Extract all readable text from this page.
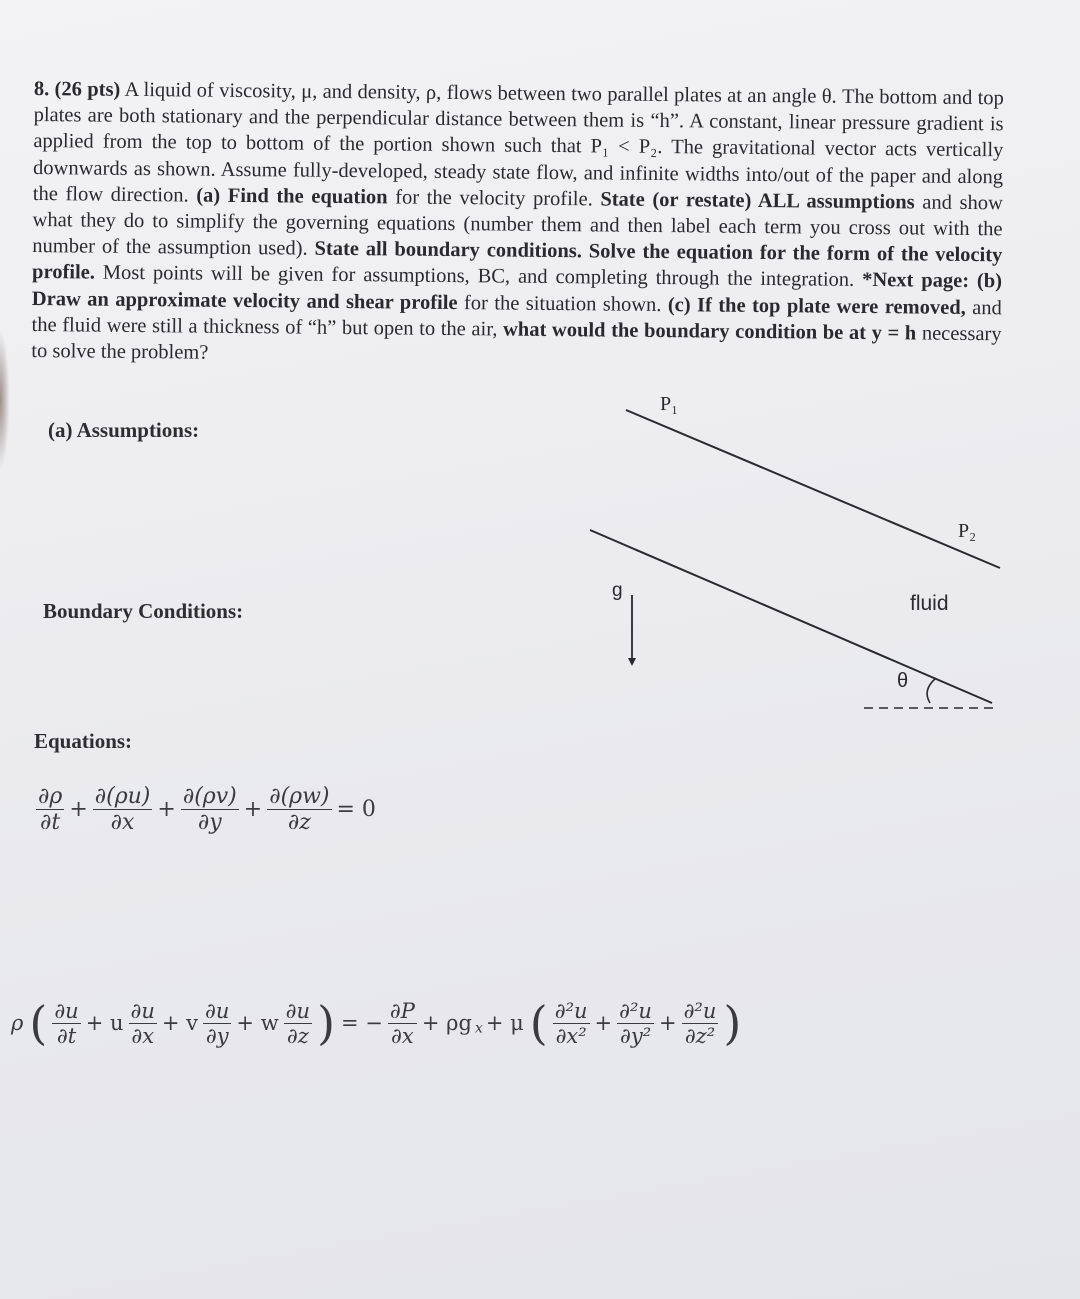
8. (26 pts) A liquid of viscosity, μ, and density, ρ, flows between two parallel plates at an angle θ. The bottom and top plates are both stationary and the perpendicular distance between them is “h”. A constant, linear pressure gradient is applied from the top to bottom of the portion shown such that P₁ < P₂. The gravitational vector acts vertically downwards as shown. Assume fully-developed, steady state flow, and infinite widths into/out of the paper and along the flow direction. (a) Find the equation for the velocity profile. State (or restate) ALL assumptions and show what they do to simplify the governing equations (number them and then label each term you cross out with the number of the assumption used). State all boundary conditions. Solve the equation for the form of the velocity profile. Most points will be given for assumptions, BC, and completing through the integration. *Next page: (b) Draw an approximate velocity and shear profile for the situation shown. (c) If the top plate were removed, and the fluid were still a thickness of “h” but open to the air, what would the boundary condition be at y = h necessary to solve the problem?
(a) Assumptions:
Boundary Conditions:
Equations:
P₁
P₂
g
fluid
θ
$\frac{\partial\rho}{\partial t} + \frac{\partial(\rho u)}{\partial x} + \frac{\partial(\rho v)}{\partial y} + \frac{\partial(\rho w)}{\partial z} = 0$
ρ ( $\frac{\partial u}{\partial t} + u \frac{\partial u}{\partial x} + v \frac{\partial u}{\partial y} + w \frac{\partial u}{\partial z}$ ) = − $\frac{\partial P}{\partial x} + \rho g$ $_x$ + μ ( $\frac{\text{∂²u}}{\text{∂x²}} + \frac{\text{∂²u}}{\text{∂y²}} + \frac{\text{∂²u}}{\text{∂z²}}$ )
